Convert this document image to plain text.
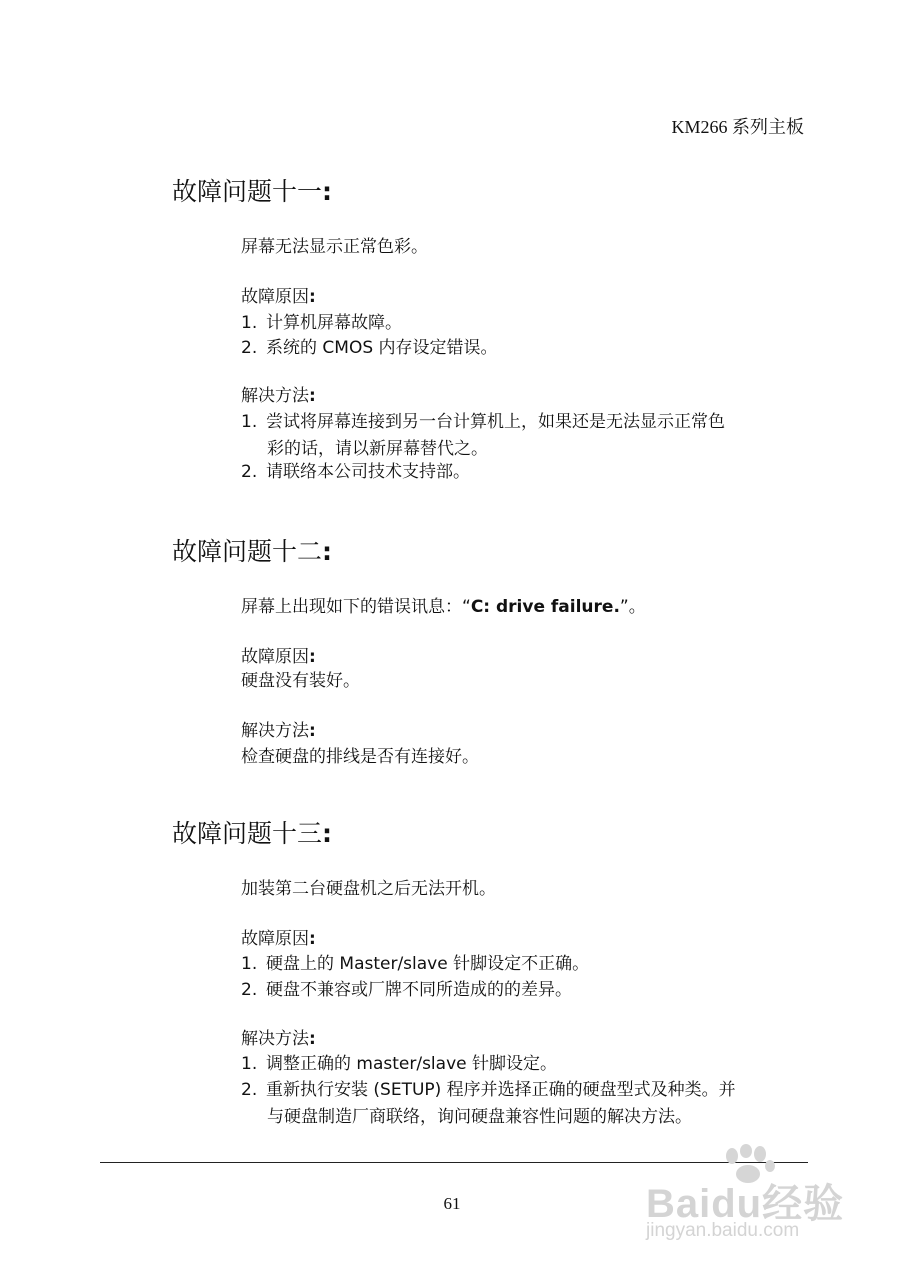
KM266 系列主板
故障问题十一:
屏幕无法显示正常色彩。
故障原因:
1. 计算机屏幕故障。
2. 系统的 CMOS 内存设定错误。
解决方法:
1. 尝试将屏幕连接到另一台计算机上，如果还是无法显示正常色
彩的话，请以新屏幕替代之。
2. 请联络本公司技术支持部。
故障问题十二:
屏幕上出现如下的错误讯息：“C: drive failure.”。
故障原因:
硬盘没有装好。
解决方法:
检查硬盘的排线是否有连接好。
故障问题十三:
加装第二台硬盘机之后无法开机。
故障原因:
1. 硬盘上的 Master/slave 针脚设定不正确。
2. 硬盘不兼容或厂牌不同所造成的的差异。
解决方法:
1. 调整正确的 master/slave 针脚设定。
2. 重新执行安装 (SETUP) 程序并选择正确的硬盘型式及种类。并
与硬盘制造厂商联络，询问硬盘兼容性问题的解决方法。
61	Baidu经验
jingyan.baidu.com
